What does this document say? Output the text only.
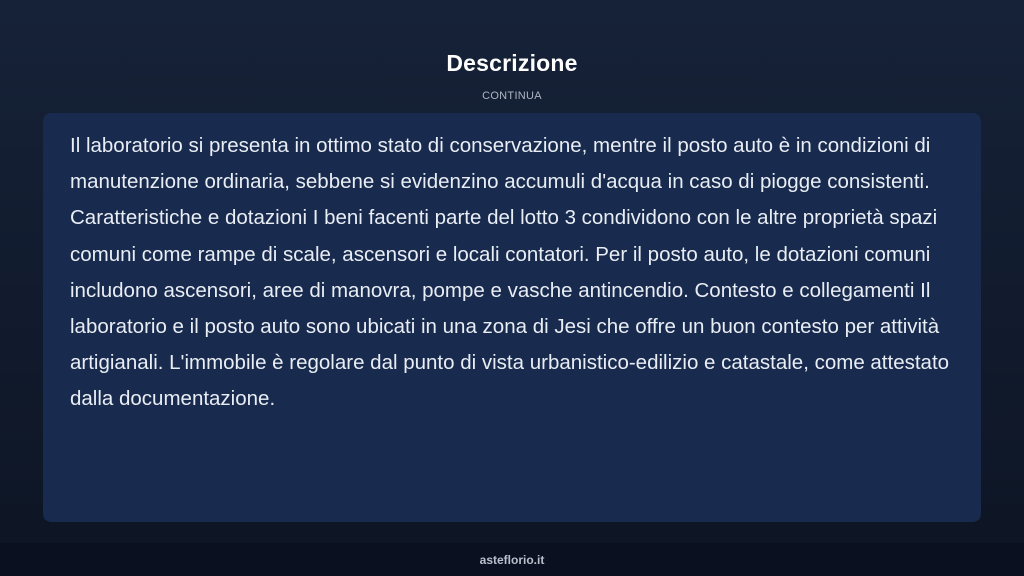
Descrizione
CONTINUA

Il laboratorio si presenta in ottimo stato di conservazione, mentre il posto auto è in condizioni di manutenzione ordinaria, sebbene si evidenzino accumuli d'acqua in caso di piogge consistenti. Caratteristiche e dotazioni I beni facenti parte del lotto 3 condividono con le altre proprietà spazi comuni come rampe di scale, ascensori e locali contatori. Per il posto auto, le dotazioni comuni includono ascensori, aree di manovra, pompe e vasche antincendio. Contesto e collegamenti Il laboratorio e il posto auto sono ubicati in una zona di Jesi che offre un buon contesto per attività artigianali. L'immobile è regolare dal punto di vista urbanistico-edilizio e catastale, come attestato dalla documentazione.

asteflorio.it
